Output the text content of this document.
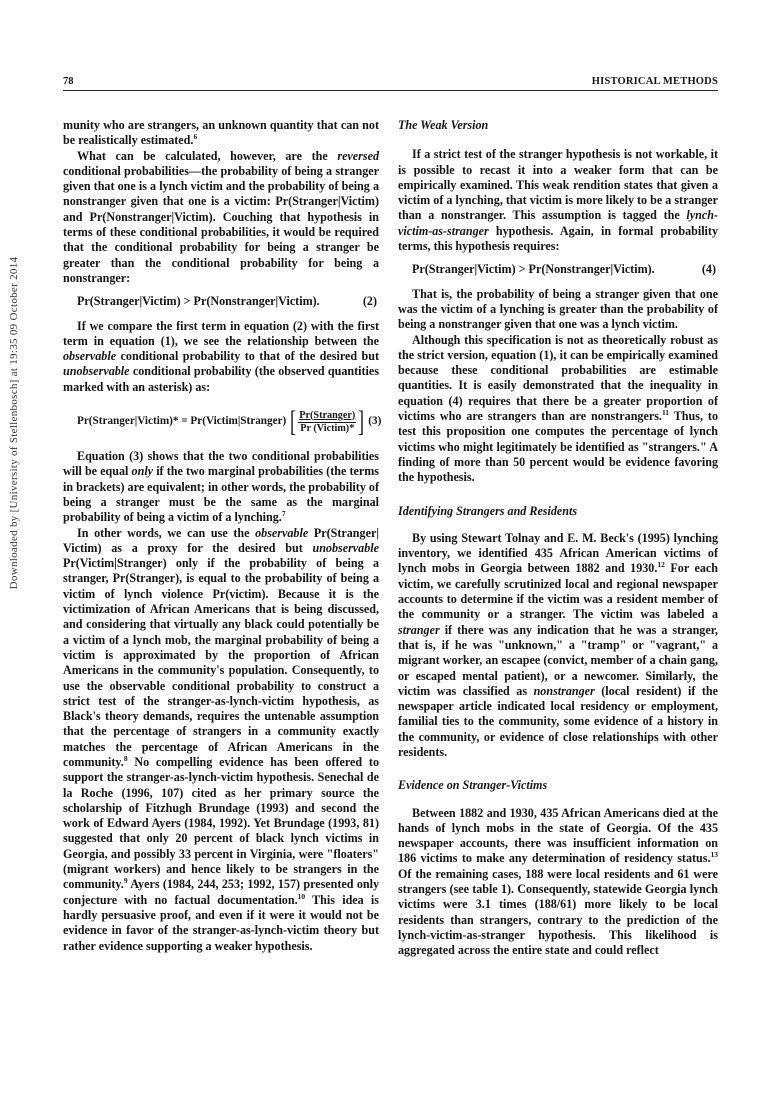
78	HISTORICAL METHODS
Downloaded by [University of Stellenbosch] at 19:35 09 October 2014

munity who are strangers, an unknown quantity that can not be realistically estimated.$^6$

What can be calculated, however, are the reversed conditional probabilities—the probability of being a stranger given that one is a lynch victim and the probability of being a nonstranger given that one is a victim: Pr(Stranger|Victim) and Pr(Nonstranger|Victim). Couching that hypothesis in terms of these conditional probabilities, it would be required that the conditional probability for being a stranger be greater than the conditional probability for being a nonstranger:

Pr(Stranger|Victim) > Pr(Nonstranger|Victim).	(2)

If we compare the first term in equation (2) with the first term in equation (1), we see the relationship between the observable conditional probability to that of the desired but unobservable conditional probability (the observed quantities marked with an asterisk) as:

Pr(Stranger|Victim)* = Pr(Victim|Stranger) [ $\frac{\text{Pr(Stranger)}}{\text{Pr (Victim)*}}$ ] (3)

Equation (3) shows that the two conditional probabilities will be equal only if the two marginal probabilities (the terms in brackets) are equivalent; in other words, the probability of being a stranger must be the same as the marginal probability of being a victim of a lynching.$^7$

In other words, we can use the observable Pr(Stranger| Victim) as a proxy for the desired but unobservable Pr(Victim|Stranger) only if the probability of being a stranger, Pr(Stranger), is equal to the probability of being a victim of lynch violence Pr(victim). Because it is the victimization of African Americans that is being discussed, and considering that virtually any black could potentially be a victim of a lynch mob, the marginal probability of being a victim is approximated by the proportion of African Americans in the community's population. Consequently, to use the observable conditional probability to construct a strict test of the stranger-as-lynch-victim hypothesis, as Black's theory demands, requires the untenable assumption that the percentage of strangers in a community exactly matches the percentage of African Americans in the community.$^8$ No compelling evidence has been offered to support the stranger-as-lynch-victim hypothesis. Senechal de la Roche (1996, 107) cited as her primary source the scholarship of Fitzhugh Brundage (1993) and second the work of Edward Ayers (1984, 1992). Yet Brundage (1993, 81) suggested that only 20 percent of black lynch victims in Georgia, and possibly 33 percent in Virginia, were "floaters" (migrant workers) and hence likely to be strangers in the community.$^9$ Ayers (1984, 244, 253; 1992, 157) presented only conjecture with no factual documentation.$^{10}$ This idea is hardly persuasive proof, and even if it were it would not be evidence in favor of the stranger-as-lynch-victim theory but rather evidence supporting a weaker hypothesis.

The Weak Version

If a strict test of the stranger hypothesis is not workable, it is possible to recast it into a weaker form that can be empirically examined. This weak rendition states that given a victim of a lynching, that victim is more likely to be a stranger than a nonstranger. This assumption is tagged the lynch-victim-as-stranger hypothesis. Again, in formal probability terms, this hypothesis requires:

Pr(Stranger|Victim) > Pr(Nonstranger|Victim).	(4)

That is, the probability of being a stranger given that one was the victim of a lynching is greater than the probability of being a nonstranger given that one was a lynch victim.

Although this specification is not as theoretically robust as the strict version, equation (1), it can be empirically examined because these conditional probabilities are estimable quantities. It is easily demonstrated that the inequality in equation (4) requires that there be a greater proportion of victims who are strangers than are nonstrangers.$^{11}$ Thus, to test this proposition one computes the percentage of lynch victims who might legitimately be identified as "strangers." A finding of more than 50 percent would be evidence favoring the hypothesis.

Identifying Strangers and Residents

By using Stewart Tolnay and E. M. Beck's (1995) lynching inventory, we identified 435 African American victims of lynch mobs in Georgia between 1882 and 1930.12 For each victim, we carefully scrutinized local and regional newspaper accounts to determine if the victim was a resident member of the community or a stranger. The victim was labeled a stranger if there was any indication that he was a stranger, that is, if he was "unknown," a "tramp" or "vagrant," a migrant worker, an escapee (convict, member of a chain gang, or escaped mental patient), or a newcomer. Similarly, the victim was classified as nonstranger (local resident) if the newspaper article indicated local residency or employment, familial ties to the community, some evidence of a history in the community, or evidence of close relationships with other residents.

Evidence on Stranger-Victims

Between 1882 and 1930, 435 African Americans died at the hands of lynch mobs in the state of Georgia. Of the 435 newspaper accounts, there was insufficient information on 186 victims to make any determination of residency status.$^{13}$ Of the remaining cases, 188 were local residents and 61 were strangers (see table 1). Consequently, statewide Georgia lynch victims were 3.1 times (188/61) more likely to be local residents than strangers, contrary to the prediction of the lynch-victim-as-stranger hypothesis. This likelihood is aggregated across the entire state and could reflect
